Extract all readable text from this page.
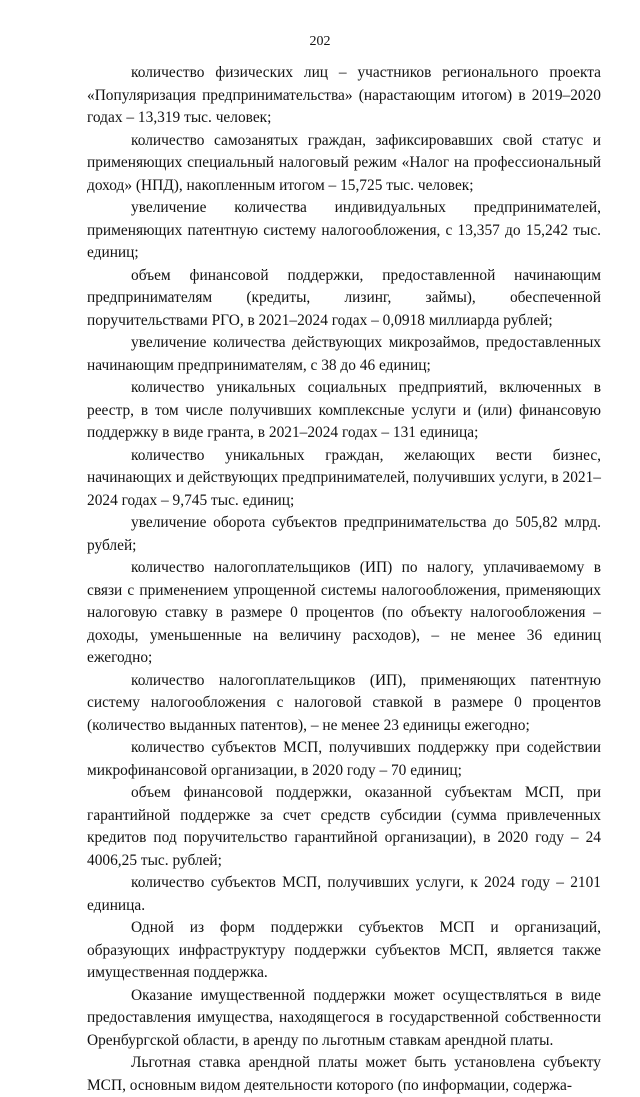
202

количество физических лиц – участников регионального проекта «Популяризация предпринимательства» (нарастающим итогом) в 2019–2020 годах – 13,319 тыс. человек;

количество самозанятых граждан, зафиксировавших свой статус и применяющих специальный налоговый режим «Налог на профессиональный доход» (НПД), накопленным итогом – 15,725 тыс. человек;

увеличение количества индивидуальных предпринимателей, применяющих патентную систему налогообложения, с 13,357 до 15,242 тыс. единиц;

объем финансовой поддержки, предоставленной начинающим предпринимателям (кредиты, лизинг, займы), обеспеченной поручительствами РГО, в 2021–2024 годах – 0,0918 миллиарда рублей;

увеличение количества действующих микрозаймов, предоставленных начинающим предпринимателям, с 38 до 46 единиц;

количество уникальных социальных предприятий, включенных в реестр, в том числе получивших комплексные услуги и (или) финансовую поддержку в виде гранта, в 2021–2024 годах – 131 единица;

количество уникальных граждан, желающих вести бизнес, начинающих и действующих предпринимателей, получивших услуги, в 2021–2024 годах – 9,745 тыс. единиц;

увеличение оборота субъектов предпринимательства до 505,82 млрд. рублей;

количество налогоплательщиков (ИП) по налогу, уплачиваемому в связи с применением упрощенной системы налогообложения, применяющих налоговую ставку в размере 0 процентов (по объекту налогообложения – доходы, уменьшенные на величину расходов), – не менее 36 единиц ежегодно;

количество налогоплательщиков (ИП), применяющих патентную систему налогообложения с налоговой ставкой в размере 0 процентов (количество выданных патентов), – не менее 23 единицы ежегодно;

количество субъектов МСП, получивших поддержку при содействии микрофинансовой организации, в 2020 году – 70 единиц;

объем финансовой поддержки, оказанной субъектам МСП, при гарантийной поддержке за счет средств субсидии (сумма привлеченных кредитов под поручительство гарантийной организации), в 2020 году – 24 4006,25 тыс. рублей;

количество субъектов МСП, получивших услуги, к 2024 году – 2101 единица.

Одной из форм поддержки субъектов МСП и организаций, образующих инфраструктуру поддержки субъектов МСП, является также имущественная поддержка.

Оказание имущественной поддержки может осуществляться в виде предоставления имущества, находящегося в государственной собственности Оренбургской области, в аренду по льготным ставкам арендной платы.

Льготная ставка арендной платы может быть установлена субъекту МСП, основным видом деятельности которого (по информации, содержа-
